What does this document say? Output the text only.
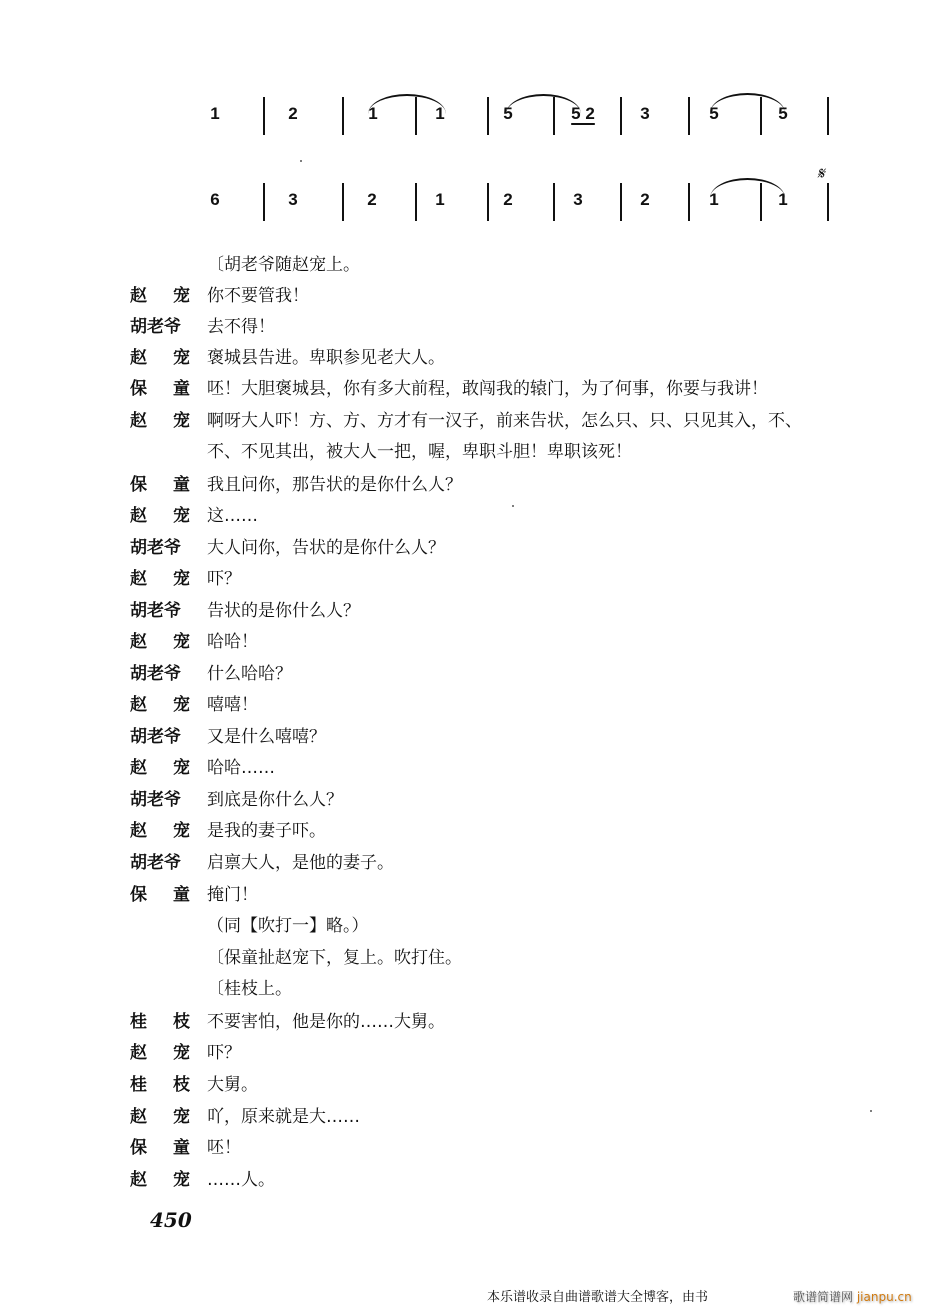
1	2	1	1	5	5 2	3	5	5
6	3	2	1	2	3	2	1	1
𝄋
〔胡老爷随赵宠上。
赵 宠 你不要管我！
胡老爷	去不得！
赵 宠 褒城县告进。卑职参见老大人。
保 童 呸！大胆褒城县，你有多大前程，敢闯我的辕门，为了何事，你要与我讲！
赵 宠 啊呀大人吓！方、方、方才有一汉子，前来告状，怎么只、只、只见其入，不、
不、不见其出，被大人一把，喔，卑职斗胆！卑职该死！
保 童 我且问你，那告状的是你什么人？
赵 宠 这……
胡老爷	大人问你，告状的是你什么人？
赵 宠 吓？
胡老爷	告状的是你什么人？
赵 宠 哈哈！
胡老爷	什么哈哈？
赵 宠 嘻嘻！
胡老爷	又是什么嘻嘻？
赵 宠 哈哈……
胡老爷	到底是你什么人？
赵 宠 是我的妻子吓。
胡老爷	启禀大人，是他的妻子。
保 童 掩门！
（同【吹打一】略。）
〔保童扯赵宠下，复上。吹打住。
〔桂枝上。
桂 枝 不要害怕，他是你的……大舅。
赵 宠 吓？
桂 枝 大舅。
赵 宠 吖，原来就是大……
保 童 呸！
赵 宠 ……人。
450
本乐谱收录自曲谱歌谱大全博客，由书	歌谱简谱网 jianpu.cn
